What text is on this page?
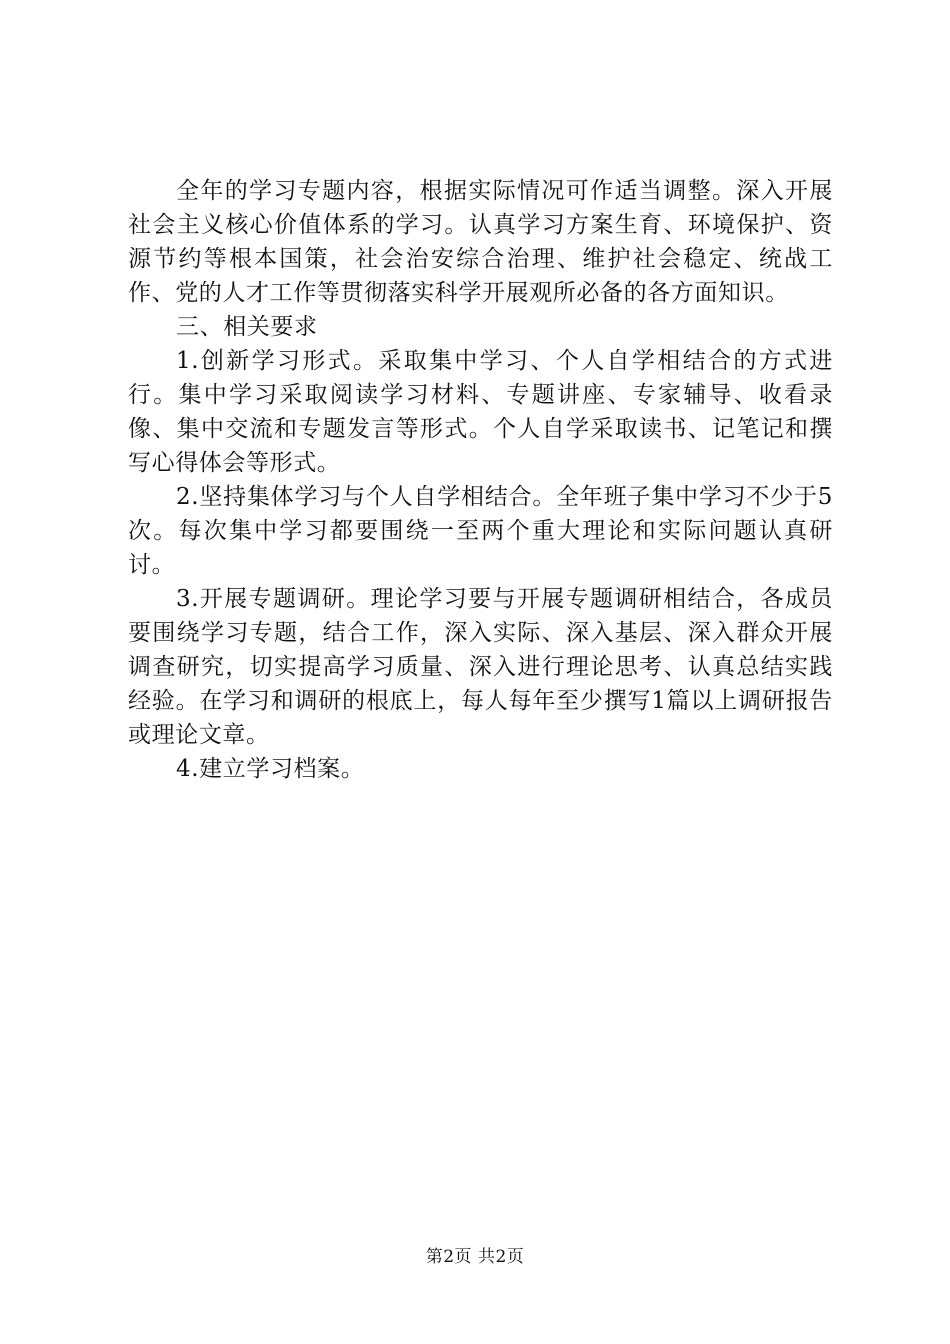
全年的学习专题内容，根据实际情况可作适当调整。深入开展社会主义核心价值体系的学习。认真学习方案生育、环境保护、资源节约等根本国策，社会治安综合治理、维护社会稳定、统战工作、党的人才工作等贯彻落实科学开展观所必备的各方面知识。

三、相关要求

1.创新学习形式。采取集中学习、个人自学相结合的方式进行。集中学习采取阅读学习材料、专题讲座、专家辅导、收看录像、集中交流和专题发言等形式。个人自学采取读书、记笔记和撰写心得体会等形式。

2.坚持集体学习与个人自学相结合。全年班子集中学习不少于5次。每次集中学习都要围绕一至两个重大理论和实际问题认真研讨。

3.开展专题调研。理论学习要与开展专题调研相结合，各成员要围绕学习专题，结合工作，深入实际、深入基层、深入群众开展调查研究，切实提高学习质量、深入进行理论思考、认真总结实践经验。在学习和调研的根底上，每人每年至少撰写1篇以上调研报告或理论文章。

4.建立学习档案。

第2页 共2页
